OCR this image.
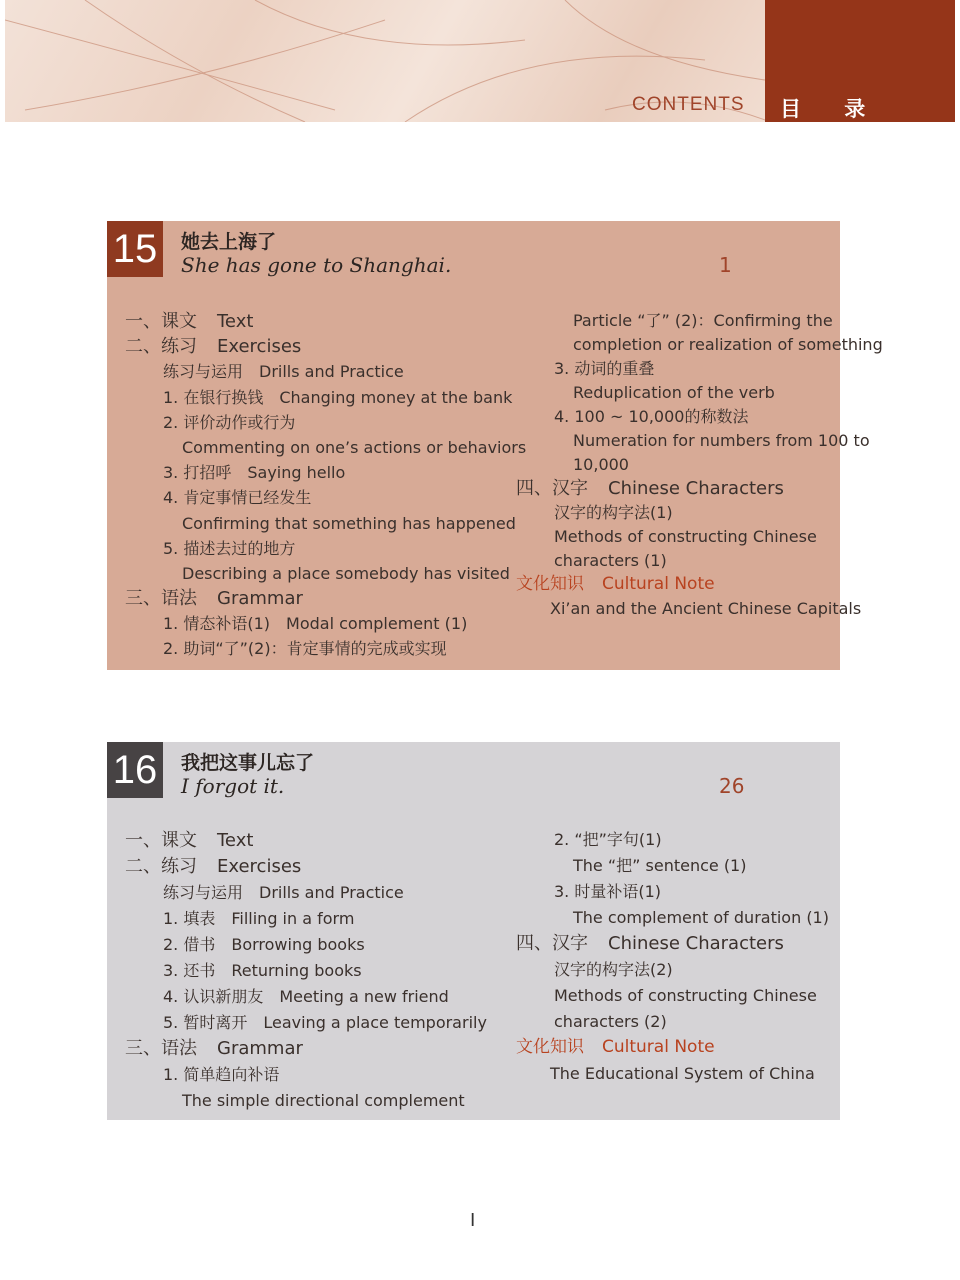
CONTENTS 目 录
15	她去上海了
She has gone to Shanghai.	1
一、课文 Text
二、练习 Exercises
练习与运用　Drills and Practice
1. 在银行换钱　Changing money at the bank
2. 评价动作或行为
Commenting on one’s actions or behaviors
3. 打招呼　Saying hello
4. 肯定事情已经发生
Confirming that something has happened
5. 描述去过的地方
Describing a place somebody has visited
三、语法 Grammar
1. 情态补语(1)　Modal complement (1)
2. 助词“了”(2)：肯定事情的完成或实现
Particle “了” (2)：Confirming the
completion or realization of something
3. 动词的重叠
Reduplication of the verb
4. 100 ~ 10,000的称数法
Numeration for numbers from 100 to
10,000
四、汉字 Chinese Characters
汉字的构字法(1)
Methods of constructing Chinese
characters (1)
文化知识 Cultural Note
Xi’an and the Ancient Chinese Capitals
16	我把这事儿忘了
I forgot it.	26
一、课文 Text
二、练习 Exercises
练习与运用　Drills and Practice
1. 填表　Filling in a form
2. 借书　Borrowing books
3. 还书　Returning books
4. 认识新朋友　Meeting a new friend
5. 暂时离开　Leaving a place temporarily
三、语法 Grammar
1. 简单趋向补语
The simple directional complement
2. “把”字句(1)
The “把” sentence (1)
3. 时量补语(1)
The complement of duration (1)
四、汉字 Chinese Characters
汉字的构字法(2)
Methods of constructing Chinese
characters (2)
文化知识 Cultural Note
The Educational System of China
I
